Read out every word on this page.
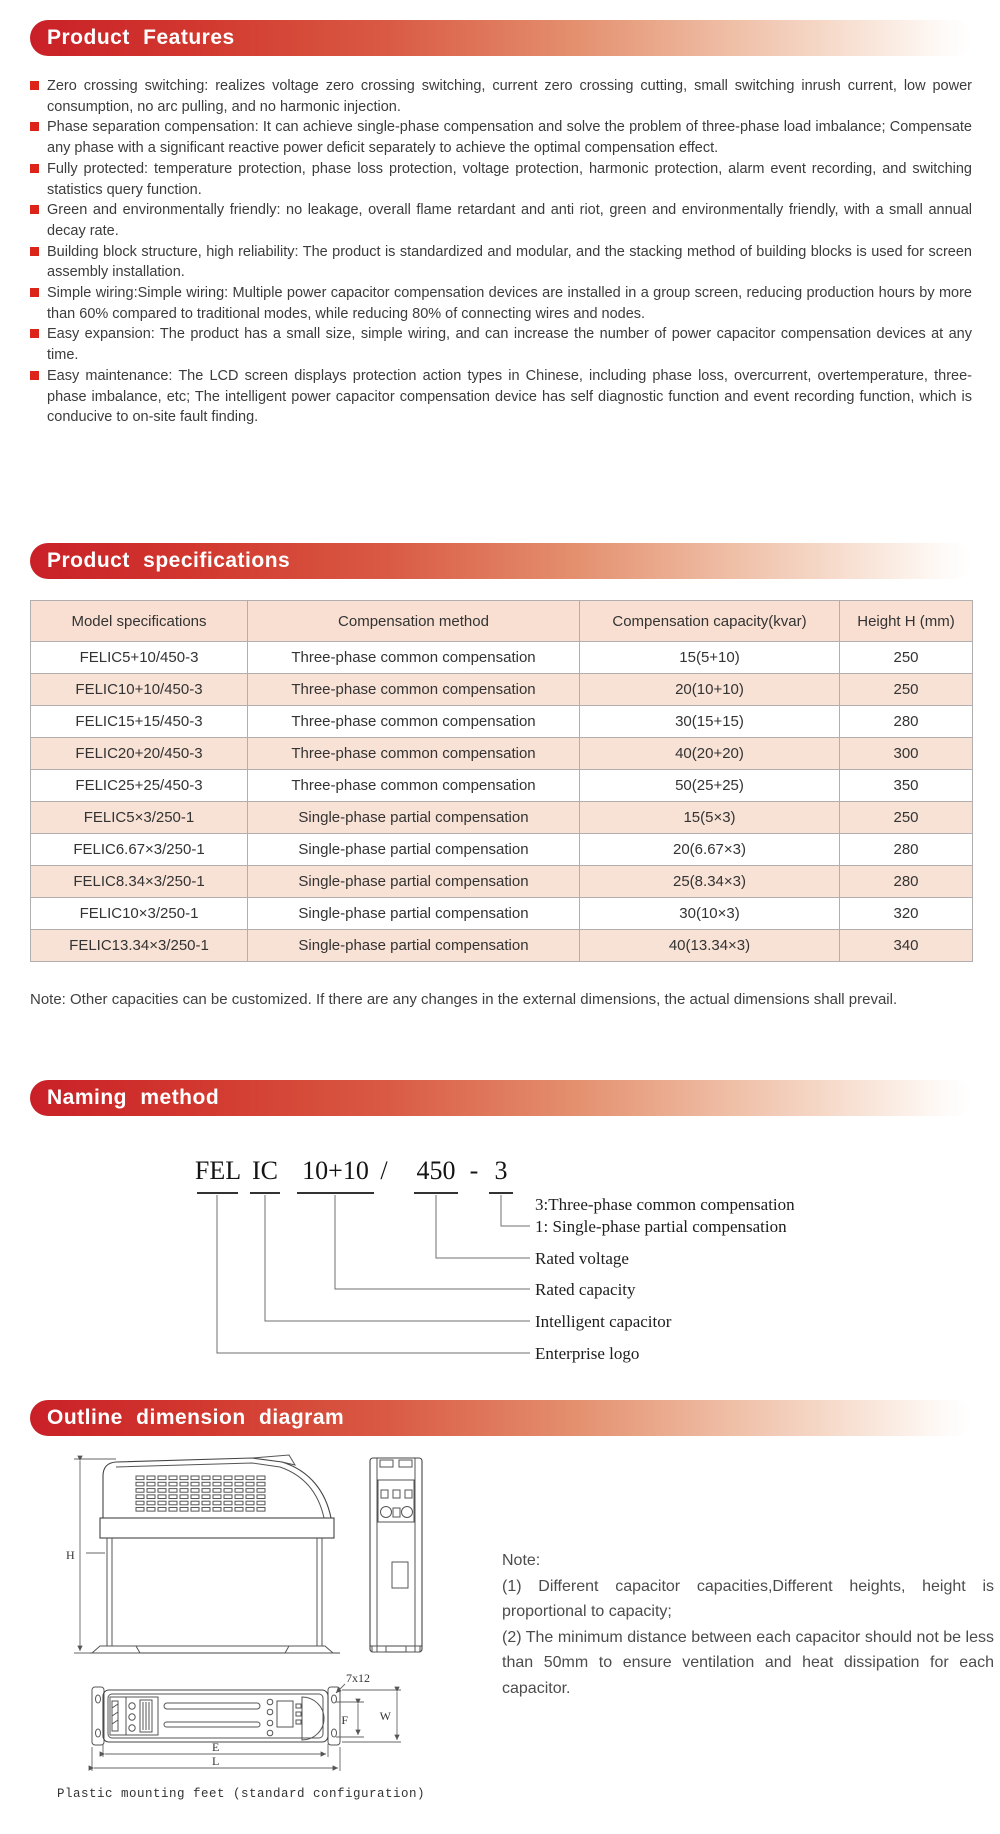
Product Features
Zero crossing switching: realizes voltage zero crossing switching, current zero crossing cutting, small switching inrush current, low power consumption, no arc pulling, and no harmonic injection.
Phase separation compensation: It can achieve single-phase compensation and solve the problem of three-phase load imbalance; Compensate any phase with a significant reactive power deficit separately to achieve the optimal compensation effect.
Fully protected: temperature protection, phase loss protection, voltage protection, harmonic protection, alarm event recording, and switching statistics query function.
Green and environmentally friendly: no leakage, overall flame retardant and anti riot, green and environmentally friendly, with a small annual decay rate.
Building block structure, high reliability: The product is standardized and modular, and the stacking method of building blocks is used for screen assembly installation.
Simple wiring:Simple wiring: Multiple power capacitor compensation devices are installed in a group screen, reducing production hours by more than 60% compared to traditional modes, while reducing 80% of connecting wires and nodes.
Easy expansion: The product has a small size, simple wiring, and can increase the number of power capacitor compensation devices at any time.
Easy maintenance: The LCD screen displays protection action types in Chinese, including phase loss, overcurrent, overtemperature, three-phase imbalance, etc; The intelligent power capacitor compensation device has self diagnostic function and event recording function, which is conducive to on-site fault finding.
Product specifications
Model specifications	Compensation method	Compensation capacity(kvar)	Height H (mm)
FELIC5+10/450-3	Three-phase common compensation	15(5+10)	250
FELIC10+10/450-3	Three-phase common compensation	20(10+10)	250
FELIC15+15/450-3	Three-phase common compensation	30(15+15)	280
FELIC20+20/450-3	Three-phase common compensation	40(20+20)	300
FELIC25+25/450-3	Three-phase common compensation	50(25+25)	350
FELIC5×3/250-1	Single-phase partial compensation	15(5×3)	250
FELIC6.67×3/250-1	Single-phase partial compensation	20(6.67×3)	280
FELIC8.34×3/250-1	Single-phase partial compensation	25(8.34×3)	280
FELIC10×3/250-1	Single-phase partial compensation	30(10×3)	320
FELIC13.34×3/250-1	Single-phase partial compensation	40(13.34×3)	340
Note: Other capacities can be customized. If there are any changes in the external dimensions, the actual dimensions shall prevail.
Naming method
FEL IC 10+10 / 450 - 3
3:Three-phase common compensation
1: Single-phase partial compensation
Rated voltage
Rated capacity
Intelligent capacitor
Enterprise logo
Outline dimension diagram
H
7x12
F	W
E
L
Plastic mounting feet (standard configuration)
Note:
(1) Different capacitor capacities,Different heights, height is proportional to capacity;
(2) The minimum distance between each capacitor should not be less than 50mm to ensure ventilation and heat dissipation for each capacitor.
